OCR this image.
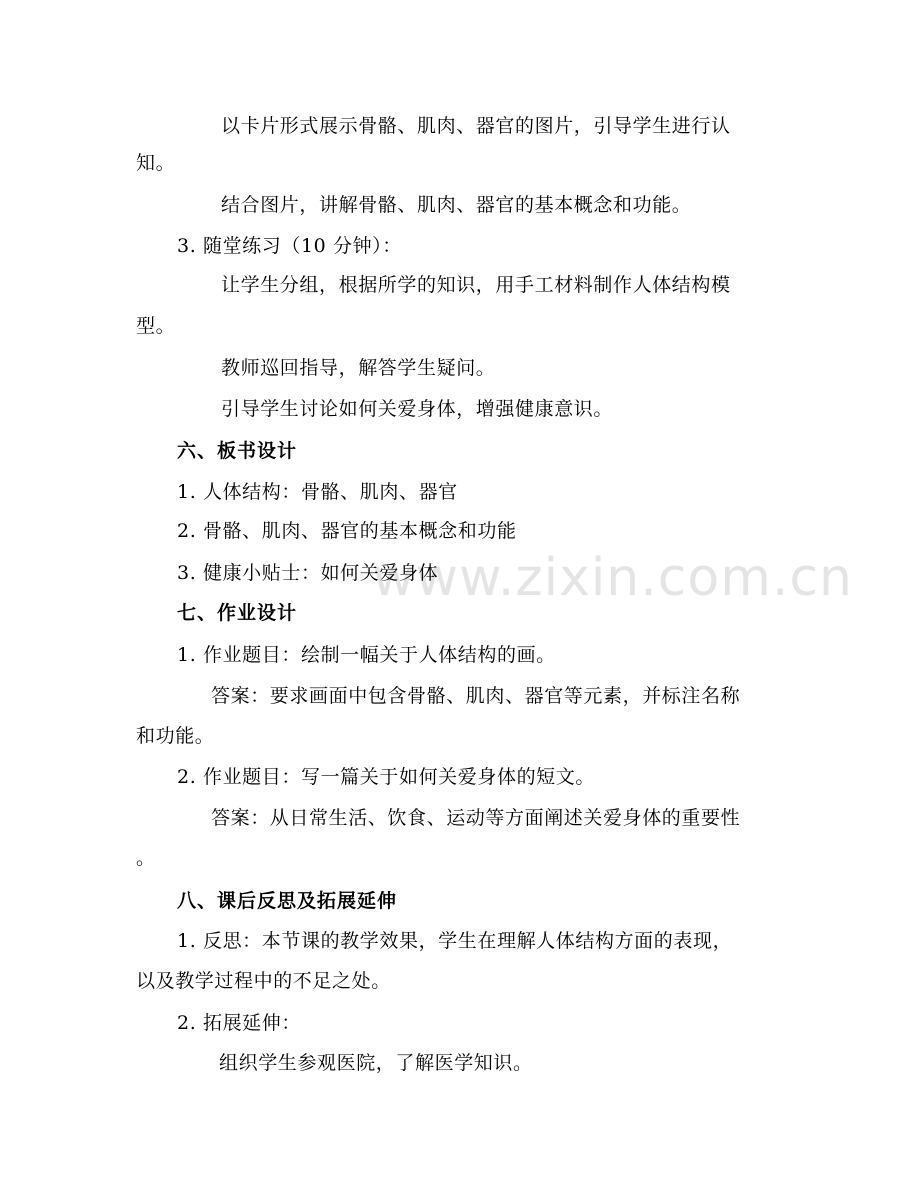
www.zixin.com.cn
以卡片形式展示骨骼、肌肉、器官的图片，引导学生进行认
知。
结合图片，讲解骨骼、肌肉、器官的基本概念和功能。
3. 随堂练习（10 分钟）：
让学生分组，根据所学的知识，用手工材料制作人体结构模
型。
教师巡回指导，解答学生疑问。
引导学生讨论如何关爱身体，增强健康意识。
六、板书设计
1. 人体结构：骨骼、肌肉、器官
2. 骨骼、肌肉、器官的基本概念和功能
3. 健康小贴士：如何关爱身体
七、作业设计
1. 作业题目：绘制一幅关于人体结构的画。
答案：要求画面中包含骨骼、肌肉、器官等元素，并标注名称
和功能。
2. 作业题目：写一篇关于如何关爱身体的短文。
答案：从日常生活、饮食、运动等方面阐述关爱身体的重要性
。
八、课后反思及拓展延伸
1. 反思：本节课的教学效果，学生在理解人体结构方面的表现，
以及教学过程中的不足之处。
2. 拓展延伸：
组织学生参观医院，了解医学知识。
